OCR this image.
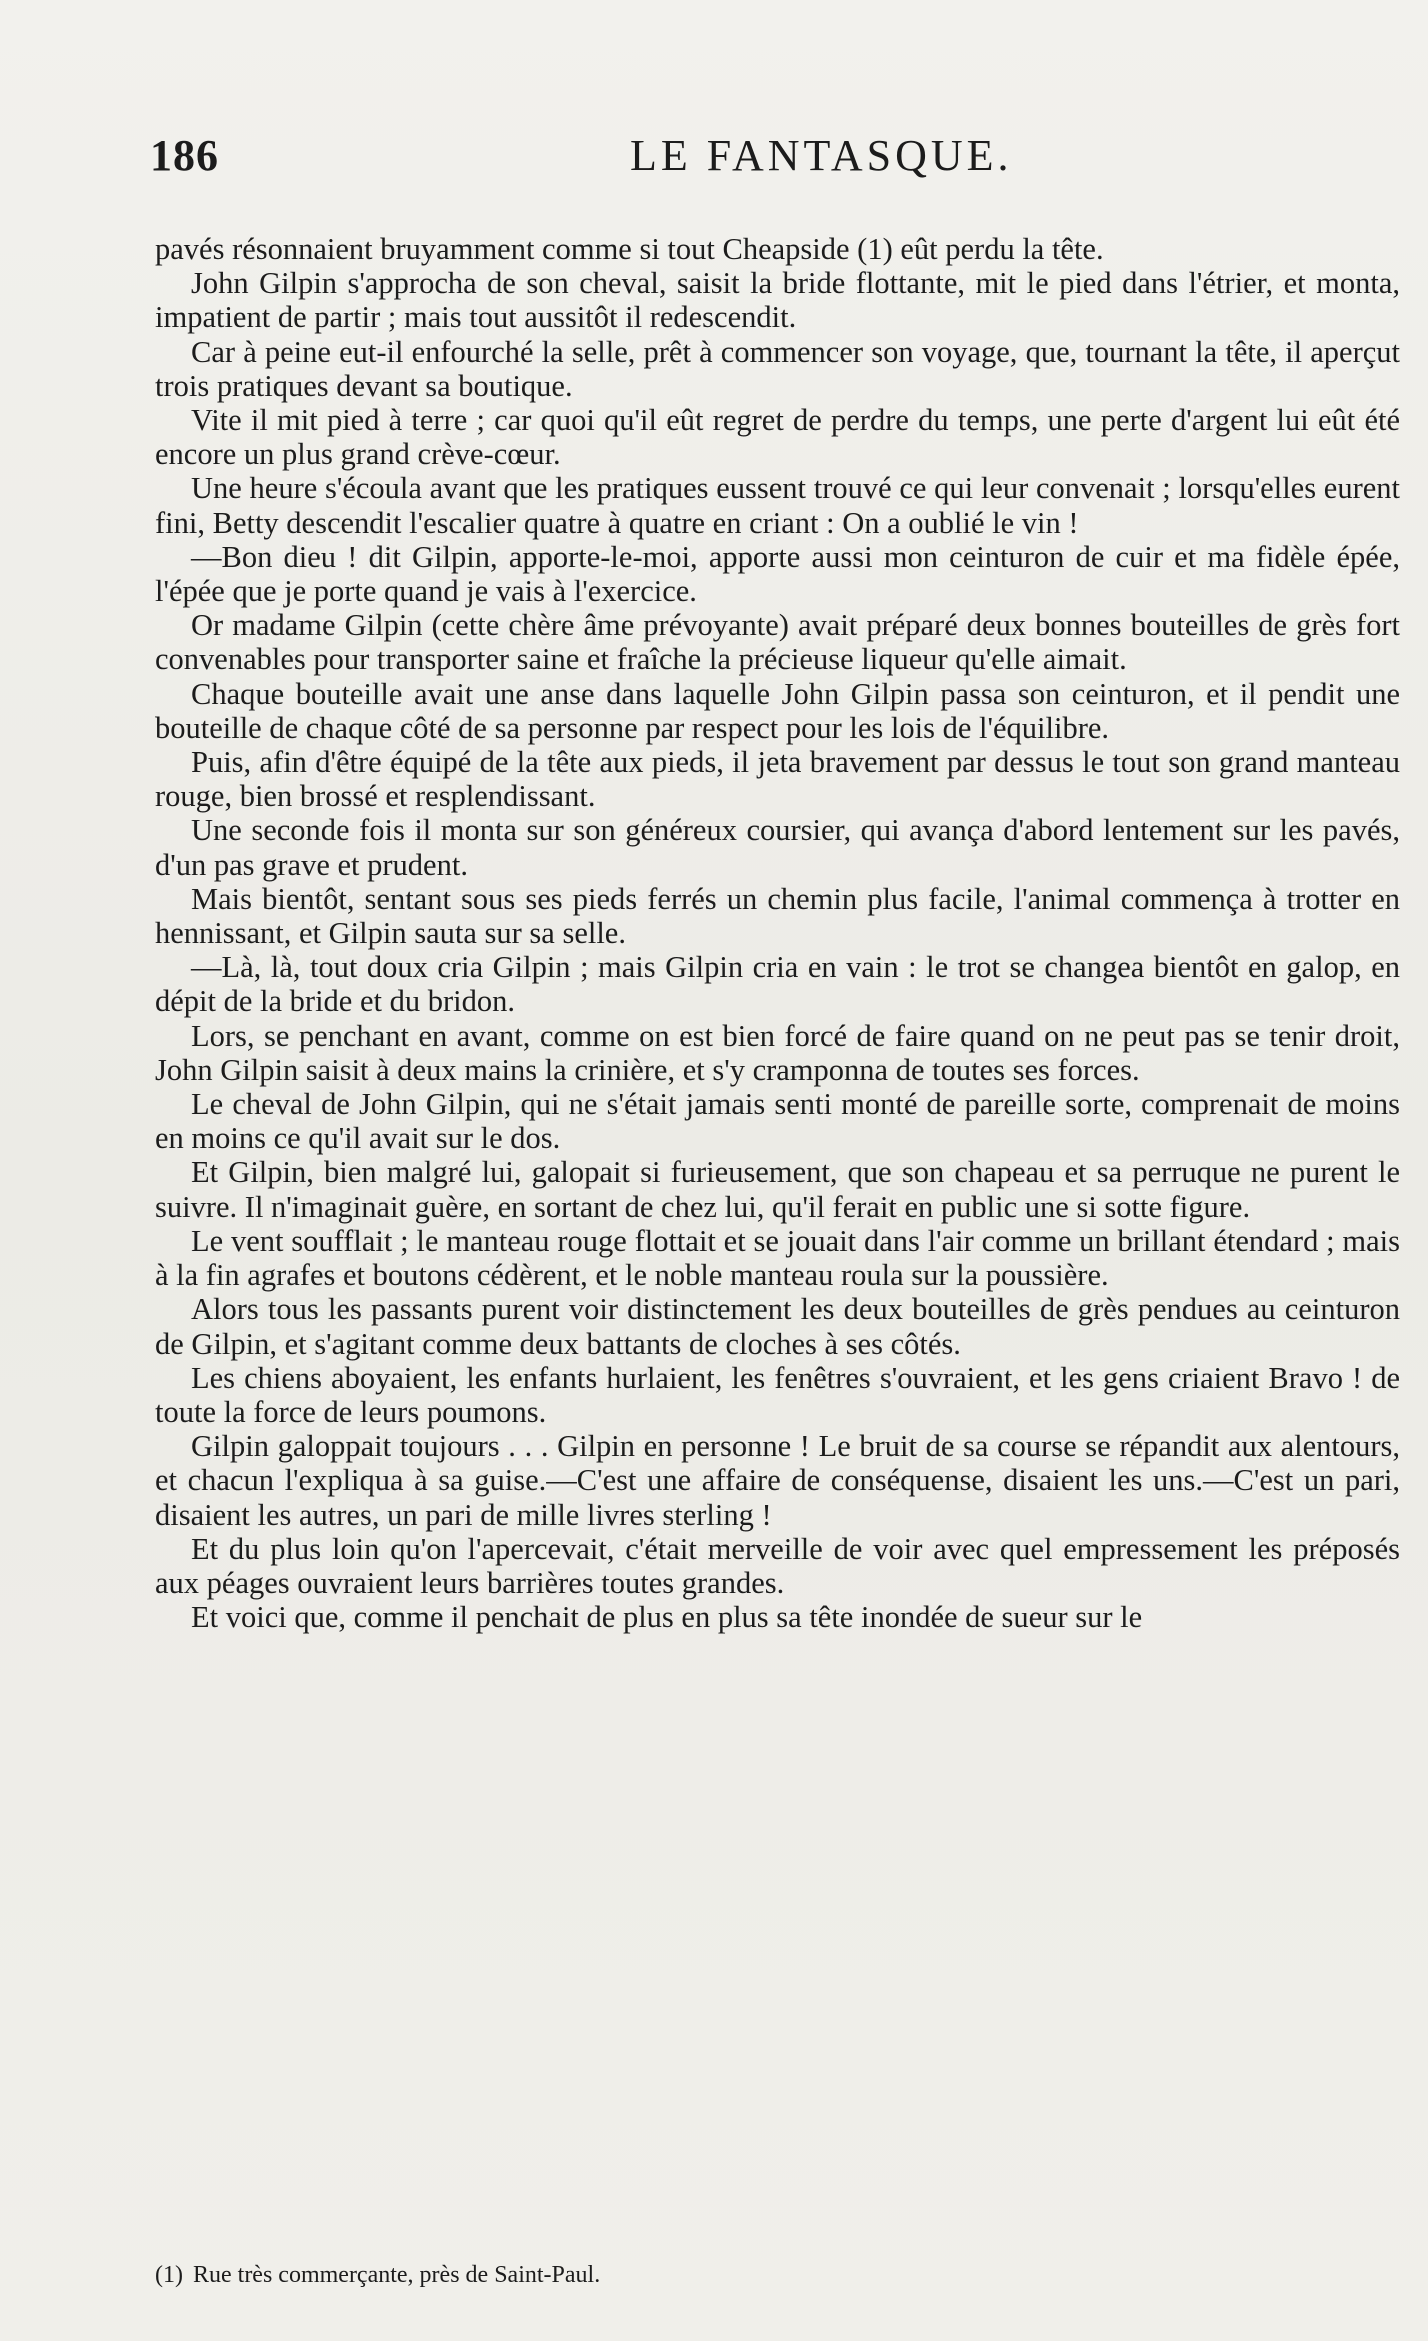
186	LE FANTASQUE.

pavés résonnaient bruyamment comme si tout Cheapside (1) eût perdu la tête.

John Gilpin s'approcha de son cheval, saisit la bride flottante, mit le pied dans l'étrier, et monta, impatient de partir ; mais tout aussitôt il redescendit.

Car à peine eut-il enfourché la selle, prêt à commencer son voyage, que, tournant la tête, il aperçut trois pratiques devant sa boutique.

Vite il mit pied à terre ; car quoi qu'il eût regret de perdre du temps, une perte d'argent lui eût été encore un plus grand crève-cœur.

Une heure s'écoula avant que les pratiques eussent trouvé ce qui leur convenait ; lorsqu'elles eurent fini, Betty descendit l'escalier quatre à quatre en criant : On a oublié le vin !

—Bon dieu ! dit Gilpin, apporte-le-moi, apporte aussi mon ceinturon de cuir et ma fidèle épée, l'épée que je porte quand je vais à l'exercice.

Or madame Gilpin (cette chère âme prévoyante) avait préparé deux bonnes bouteilles de grès fort convenables pour transporter saine et fraîche la précieuse liqueur qu'elle aimait.

Chaque bouteille avait une anse dans laquelle John Gilpin passa son ceinturon, et il pendit une bouteille de chaque côté de sa personne par respect pour les lois de l'équilibre.

Puis, afin d'être équipé de la tête aux pieds, il jeta bravement par dessus le tout son grand manteau rouge, bien brossé et resplendissant.

Une seconde fois il monta sur son généreux coursier, qui avança d'abord lentement sur les pavés, d'un pas grave et prudent.

Mais bientôt, sentant sous ses pieds ferrés un chemin plus facile, l'animal commença à trotter en hennissant, et Gilpin sauta sur sa selle.

—Là, là, tout doux cria Gilpin ; mais Gilpin cria en vain : le trot se changea bientôt en galop, en dépit de la bride et du bridon.

Lors, se penchant en avant, comme on est bien forcé de faire quand on ne peut pas se tenir droit, John Gilpin saisit à deux mains la crinière, et s'y cramponna de toutes ses forces.

Le cheval de John Gilpin, qui ne s'était jamais senti monté de pareille sorte, comprenait de moins en moins ce qu'il avait sur le dos.

Et Gilpin, bien malgré lui, galopait si furieusement, que son chapeau et sa perruque ne purent le suivre. Il n'imaginait guère, en sortant de chez lui, qu'il ferait en public une si sotte figure.

Le vent soufflait ; le manteau rouge flottait et se jouait dans l'air comme un brillant étendard ; mais à la fin agrafes et boutons cédèrent, et le noble manteau roula sur la poussière.

Alors tous les passants purent voir distinctement les deux bouteilles de grès pendues au ceinturon de Gilpin, et s'agitant comme deux battants de cloches à ses côtés.

Les chiens aboyaient, les enfants hurlaient, les fenêtres s'ouvraient, et les gens criaient Bravo ! de toute la force de leurs poumons.

Gilpin galoppait toujours . . . Gilpin en personne ! Le bruit de sa course se répandit aux alentours, et chacun l'expliqua à sa guise.—C'est une affaire de conséquense, disaient les uns.—C'est un pari, disaient les autres, un pari de mille livres sterling !

Et du plus loin qu'on l'apercevait, c'était merveille de voir avec quel empressement les préposés aux péages ouvraient leurs barrières toutes grandes.

Et voici que, comme il penchait de plus en plus sa tête inondée de sueur sur le

(1) Rue très commerçante, près de Saint-Paul.
